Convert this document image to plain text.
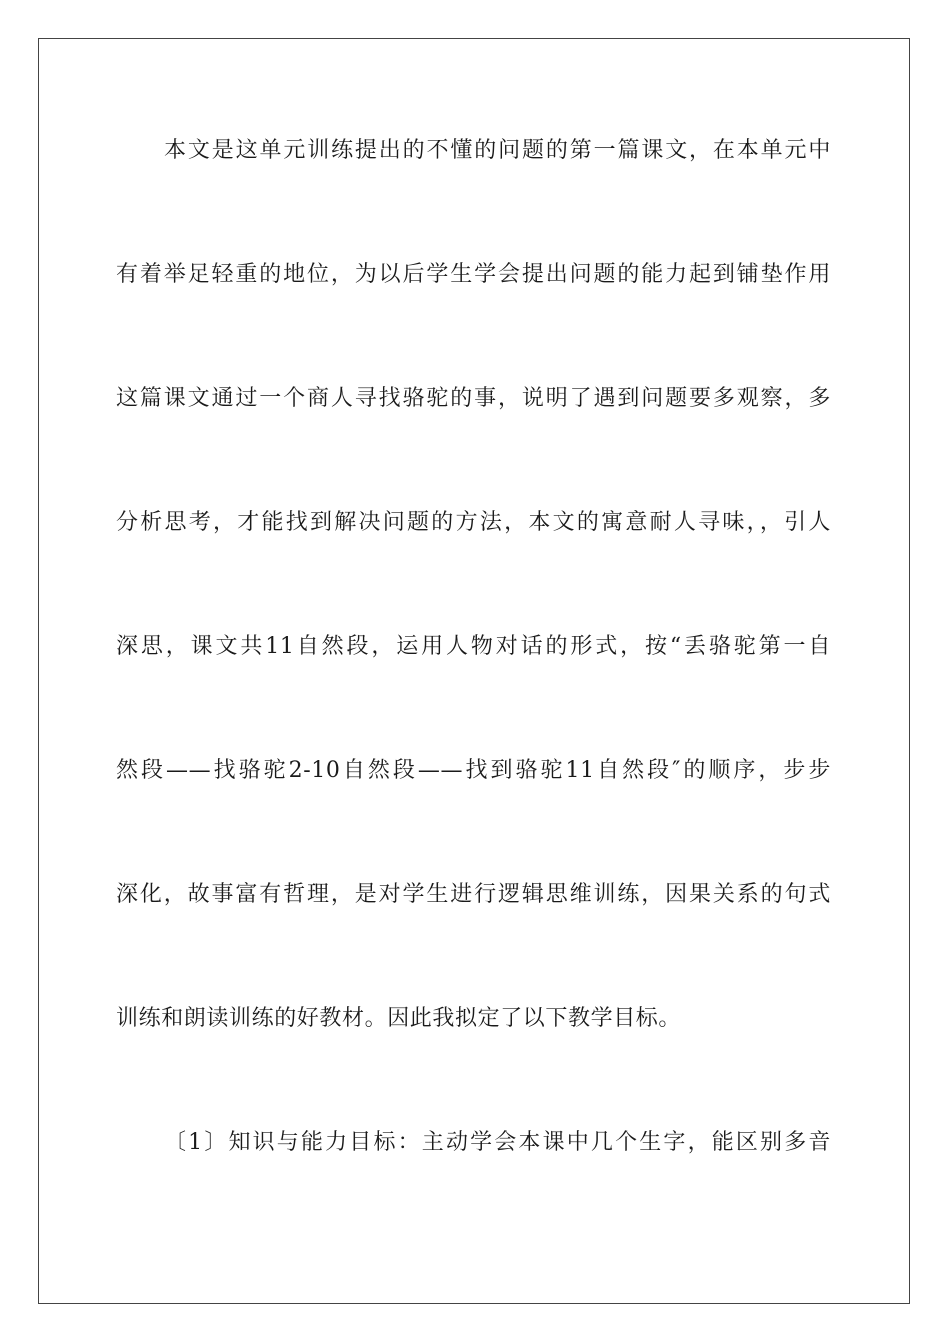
本文是这单元训练提出的不懂的问题的第一篇课文，在本单元中
有着举足轻重的地位，为以后学生学会提出问题的能力起到铺垫作用
这篇课文通过一个商人寻找骆驼的事，说明了遇到问题要多观察，多
分析思考，才能找到解决问题的方法，本文的寓意耐人寻味，，引人
深思，课文共11自然段，运用人物对话的形式，按“丢骆驼第一自
然段——找骆驼2-10自然段——找到骆驼11自然段″的顺序，步步
深化，故事富有哲理，是对学生进行逻辑思维训练，因果关系的句式
训练和朗读训练的好教材。因此我拟定了以下教学目标。
〔1〕知识与能力目标：主动学会本课中几个生字，能区别多音
